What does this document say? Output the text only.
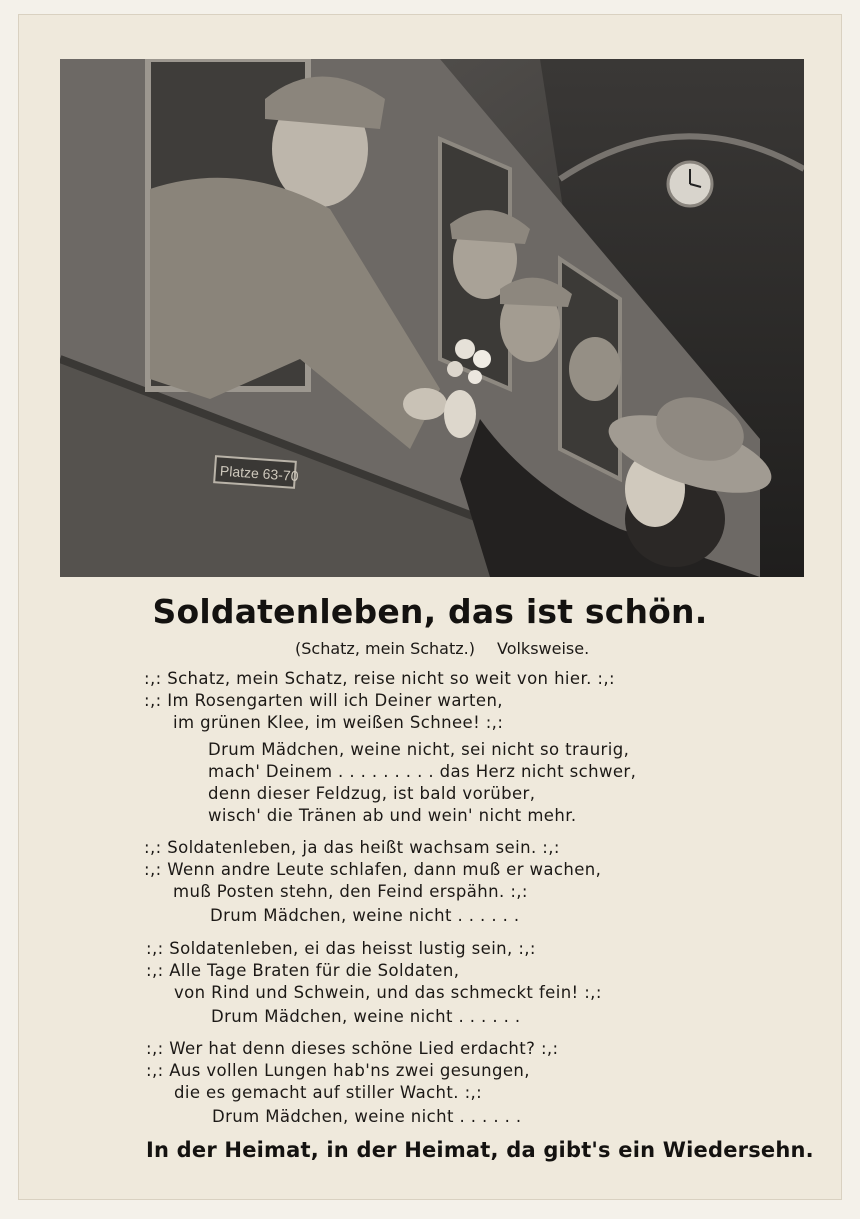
Platze 63-70
Soldatenleben, das ist schön.
(Schatz, mein Schatz.) Volksweise.
:,: Schatz, mein Schatz, reise nicht so weit von hier. :,:
:,: Im Rosengarten will ich Deiner warten,
im grünen Klee, im weißen Schnee! :,:
Drum Mädchen, weine nicht, sei nicht so traurig,
mach' Deinem . . . . . . . . . das Herz nicht schwer,
denn dieser Feldzug, ist bald vorüber,
wisch' die Tränen ab und wein' nicht mehr.
:,: Soldatenleben, ja das heißt wachsam sein. :,:
:,: Wenn andre Leute schlafen, dann muß er wachen,
muß Posten stehn, den Feind erspähn. :,:
Drum Mädchen, weine nicht . . . . . .
:,: Soldatenleben, ei das heisst lustig sein, :,:
:,: Alle Tage Braten für die Soldaten,
von Rind und Schwein, und das schmeckt fein! :,:
Drum Mädchen, weine nicht . . . . . .
:,: Wer hat denn dieses schöne Lied erdacht? :,:
:,: Aus vollen Lungen hab'ns zwei gesungen,
die es gemacht auf stiller Wacht. :,:
Drum Mädchen, weine nicht . . . . . .
In der Heimat, in der Heimat, da gibt's ein Wiedersehn.
